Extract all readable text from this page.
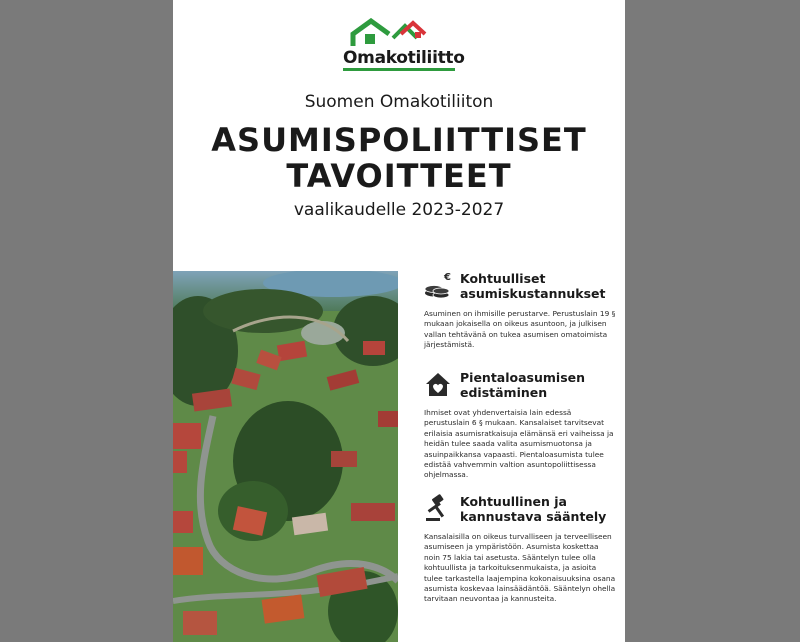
Omakotiliitto
Suomen Omakotiliiton
ASUMISPOLIITTISET
TAVOITTEET
vaalikaudelle 2023-2027
€ Kohtuulliset asumiskustannukset
Asuminen on ihmisille perustarve. Perustuslain 19 § mukaan jokaisella on oikeus asuntoon, ja julkisen vallan tehtävänä on tukea asumisen omatoimista järjestämistä.
Pientaloasumisen edistäminen
Ihmiset ovat yhdenvertaisia lain edessä perustuslain 6 § mukaan. Kansalaiset tarvitsevat erilaisia asumisratkaisuja elämänsä eri vaiheissa ja heidän tulee saada valita asumismuotonsa ja asuinpaikkansa vapaasti. Pientaloasumista tulee edistää vahvemmin valtion asuntopoliittisessa ohjelmassa.
Kohtuullinen ja kannustava sääntely
Kansalaisilla on oikeus turvalliseen ja terveelliseen asumiseen ja ympäristöön. Asumista koskettaa noin 75 lakia tai asetusta. Sääntelyn tulee olla kohtuullista ja tarkoituksenmukaista, ja asioita tulee tarkastella laajempina kokonaisuuksina osana asumista koskevaa lainsäädäntöä. Sääntelyn ohella tarvitaan neuvontaa ja kannusteita.
